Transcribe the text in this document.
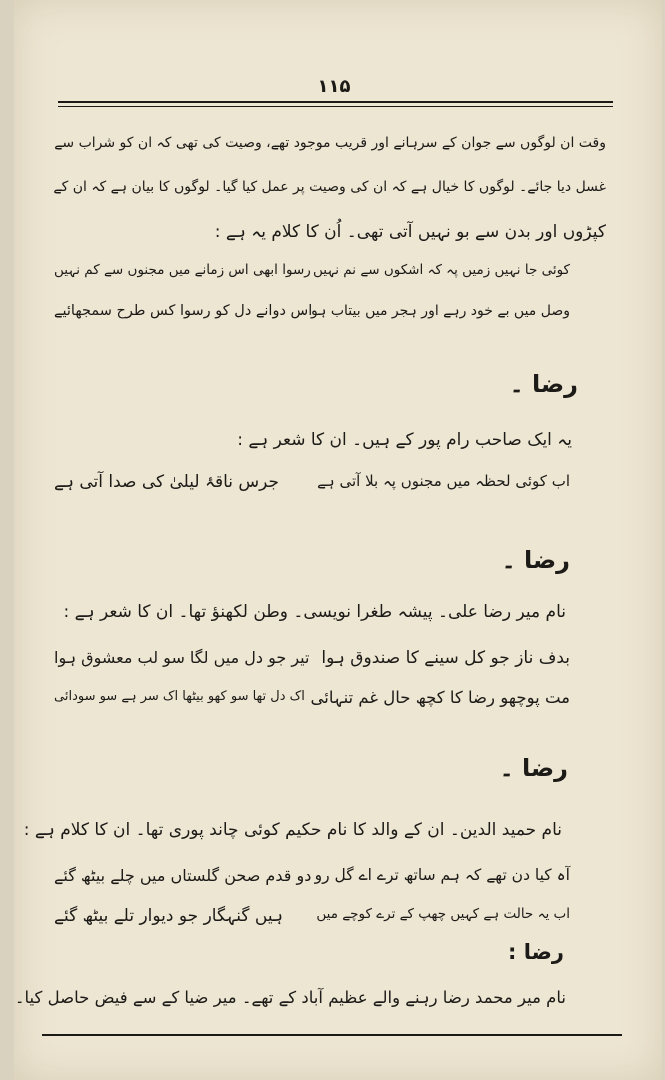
۱۱۵
وقت ان لوگوں سے جوان کے سرہانے اور قریب موجود تھے، وصیت کی تھی کہ ان کو شراب سے
غسل دیا جائے۔ لوگوں کا خیال ہے کہ ان کی وصیت پر عمل کیا گیا۔ لوگوں کا بیان ہے کہ ان کے
کپڑوں اور بدن سے بو نہیں آتی تھی۔ اُن کا کلام یہ ہے :
کوئی جا نہیں زمیں پہ کہ اشکوں سے نم نہیں
رسوا ابھی اس زمانے میں مجنوں سے کم نہیں
وصل میں بے خود رہے اور ہجر میں بیتاب ہو
اس دوانے دل کو رسوا کس طرح سمجھائیے
رضا ۔
یہ ایک صاحب رام پور کے ہیں۔ ان کا شعر ہے :
اب کوئی لحظہ میں مجنوں پہ بلا آتی ہے
جرس ناقۂ لیلیٰ کی صدا آتی ہے
رضا ۔
نام میر رضا علی۔ پیشہ طغرا نویسی۔ وطن لکھنؤ تھا۔ ان کا شعر ہے :
بدف ناز جو کل سینے کا صندوق ہوا
تیر جو دل میں لگا سو لب معشوق ہوا
مت پوچھو رضا کا کچھ حال غم تنہائی
اک دل تھا سو کھو بیٹھا اک سر ہے سو سودائی
رضا ۔
نام حمید الدین۔ ان کے والد کا نام حکیم کوئی چاند پوری تھا۔ ان کا کلام ہے :
آہ کیا دن تھے کہ ہم ساتھ ترے اے گل رو
دو قدم صحن گلستاں میں چلے بیٹھ گئے
اب یہ حالت ہے کہیں چھپ کے ترے کوچے میں
ہیں گنہگار جو دیوار تلے بیٹھ گئے
رضا :
نام میر محمد رضا رہنے والے عظیم آباد کے تھے۔ میر ضیا کے سے فیض حاصل کیا۔
